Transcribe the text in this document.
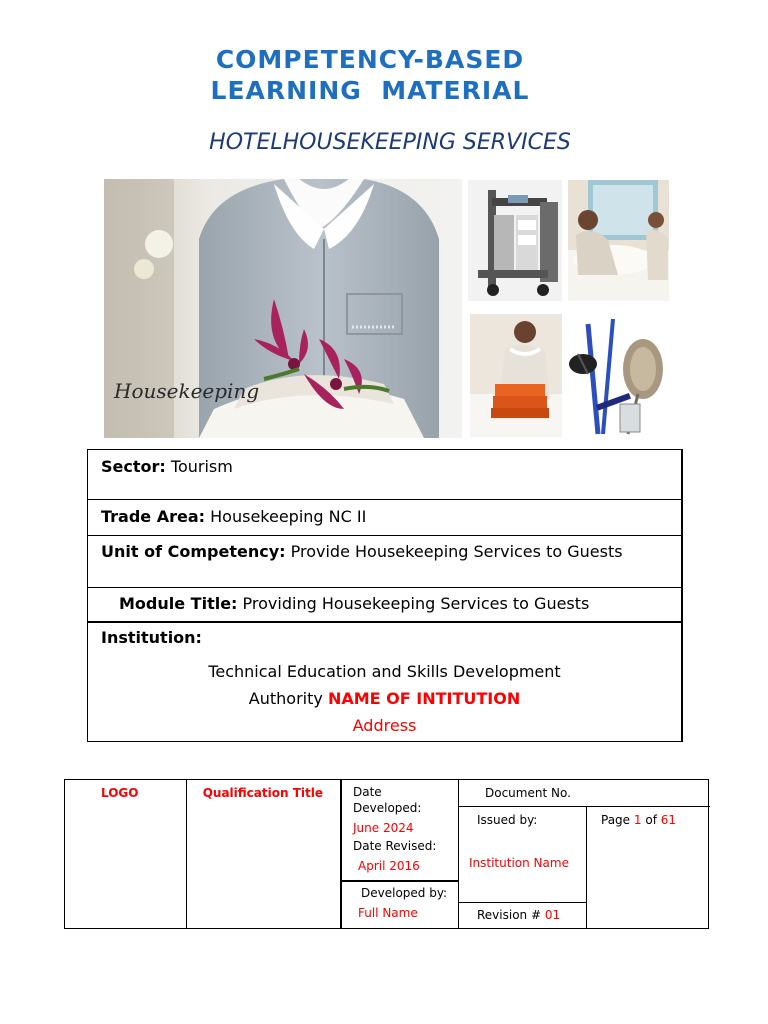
COMPETENCY-BASED
LEARNING  MATERIAL
HOTELHOUSEKEEPING SERVICES
Housekeeping
Sector: Tourism
Trade Area: Housekeeping NC II
Unit of Competency: Provide Housekeeping Services to Guests
Module Title: Providing Housekeeping Services to Guests
Institution:
Technical Education and Skills Development
Authority NAME OF INTITUTION
Address
LOGO	Qualification Title	Date Developed:
June 2024
Date Revised:
April 2016
Developed by:
Full Name
Document No.
Issued by:
Institution Name
Revision # 01
Page 1 of 61
